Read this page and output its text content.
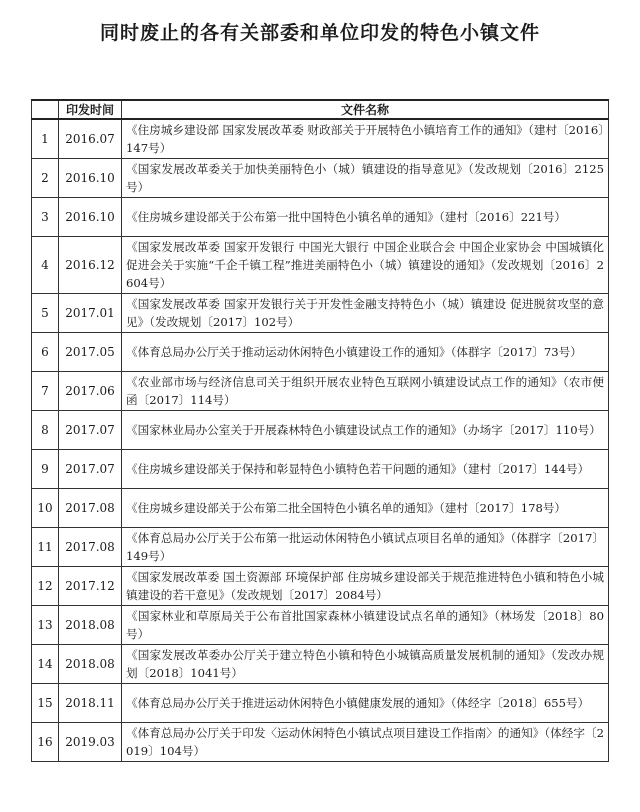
同时废止的各有关部委和单位印发的特色小镇文件
	印发时间	文件名称
1	2016.07	《住房城乡建设部 国家发展改革委 财政部关于开展特色小镇培育工作的通知》（建村〔2016〕147号）
2	2016.10	《国家发展改革委关于加快美丽特色小（城）镇建设的指导意见》（发改规划〔2016〕2125号）
3	2016.10	《住房城乡建设部关于公布第一批中国特色小镇名单的通知》（建村〔2016〕221号）
4	2016.12	《国家发展改革委 国家开发银行 中国光大银行 中国企业联合会 中国企业家协会 中国城镇化促进会关于实施“千企千镇工程”推进美丽特色小（城）镇建设的通知》（发改规划〔2016〕2604号）
5	2017.01	《国家发展改革委 国家开发银行关于开发性金融支持特色小（城）镇建设 促进脱贫攻坚的意见》（发改规划〔2017〕102号）
6	2017.05	《体育总局办公厅关于推动运动休闲特色小镇建设工作的通知》（体群字〔2017〕73号）
7	2017.06	《农业部市场与经济信息司关于组织开展农业特色互联网小镇建设试点工作的通知》（农市便函〔2017〕114号）
8	2017.07	《国家林业局办公室关于开展森林特色小镇建设试点工作的通知》（办场字〔2017〕110号）
9	2017.07	《住房城乡建设部关于保持和彰显特色小镇特色若干问题的通知》（建村〔2017〕144号）
10	2017.08	《住房城乡建设部关于公布第二批全国特色小镇名单的通知》（建村〔2017〕178号）
11	2017.08	《体育总局办公厅关于公布第一批运动休闲特色小镇试点项目名单的通知》（体群字〔2017〕149号）
12	2017.12	《国家发展改革委 国土资源部 环境保护部 住房城乡建设部关于规范推进特色小镇和特色小城镇建设的若干意见》（发改规划〔2017〕2084号）
13	2018.08	《国家林业和草原局关于公布首批国家森林小镇建设试点名单的通知》（林场发〔2018〕80号）
14	2018.08	《国家发展改革委办公厅关于建立特色小镇和特色小城镇高质量发展机制的通知》（发改办规划〔2018〕1041号）
15	2018.11	《体育总局办公厅关于推进运动休闲特色小镇健康发展的通知》（体经字〔2018〕655号）
16	2019.03	《体育总局办公厅关于印发〈运动休闲特色小镇试点项目建设工作指南〉的通知》（体经字〔2019〕104号）
